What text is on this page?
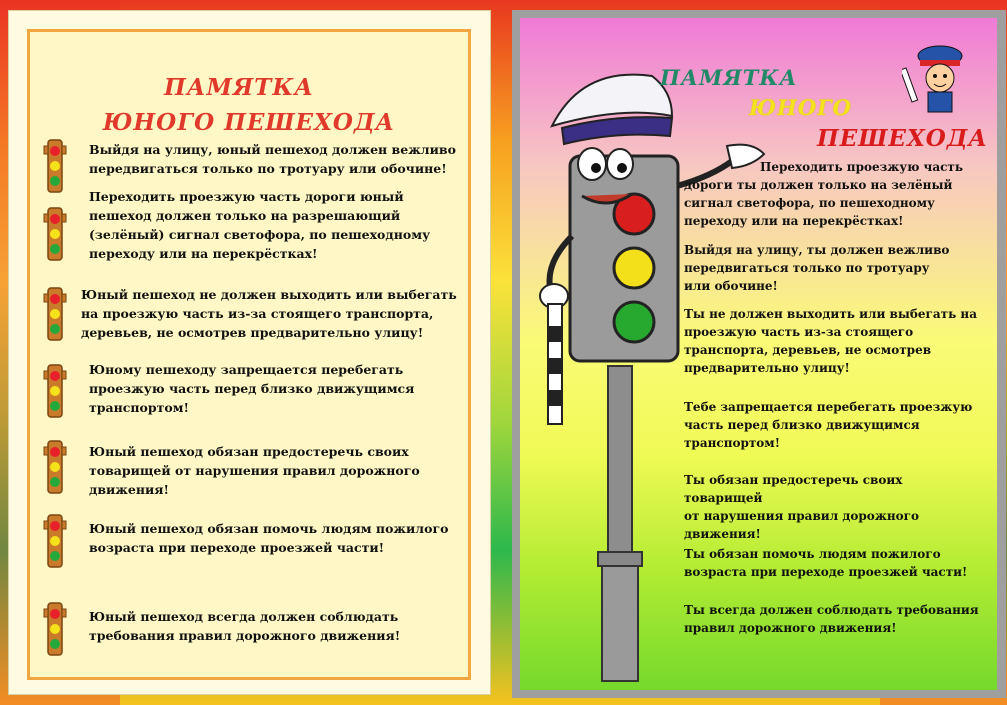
ПАМЯТКА
ЮНОГО ПЕШЕХОДА
Выйдя на улицу, юный пешеход должен вежливо
передвигаться только по тротуару или обочине!
Переходить проезжую часть дороги юный
пешеход должен только на разрешающий
(зелёный) сигнал светофора, по пешеходному
переходу или на перекрёстках!
Юный пешеход не должен выходить или выбегать
на проезжую часть из-за стоящего транспорта,
деревьев, не осмотрев предварительно улицу!
Юному пешеходу запрещается перебегать
проезжую часть перед близко движущимся
транспортом!
Юный пешеход обязан предостеречь своих
товарищей от нарушения правил дорожного
движения!
Юный пешеход обязан помочь людям пожилого
возраста при переходе проезжей части!
Юный пешеход всегда должен соблюдать
требования правил дорожного движения!
ПАМЯТКА
ЮНОГО
ПЕШЕХОДА
Переходить проезжую часть
дороги ты должен только на зелёный
сигнал светофора, по пешеходному
переходу или на перекрёстках!
Выйдя на улицу, ты должен вежливо
передвигаться только по тротуару
или обочине!
Ты не должен выходить или выбегать на
проезжую часть из-за стоящего
транспорта, деревьев, не осмотрев
предварительно улицу!
Тебе запрещается перебегать проезжую
часть перед близко движущимся
транспортом!
Ты обязан предостеречь своих товарищей
от нарушения правил дорожного
движения!
Ты обязан помочь людям пожилого
возраста при переходе проезжей части!
Ты всегда должен соблюдать требования
правил дорожного движения!
